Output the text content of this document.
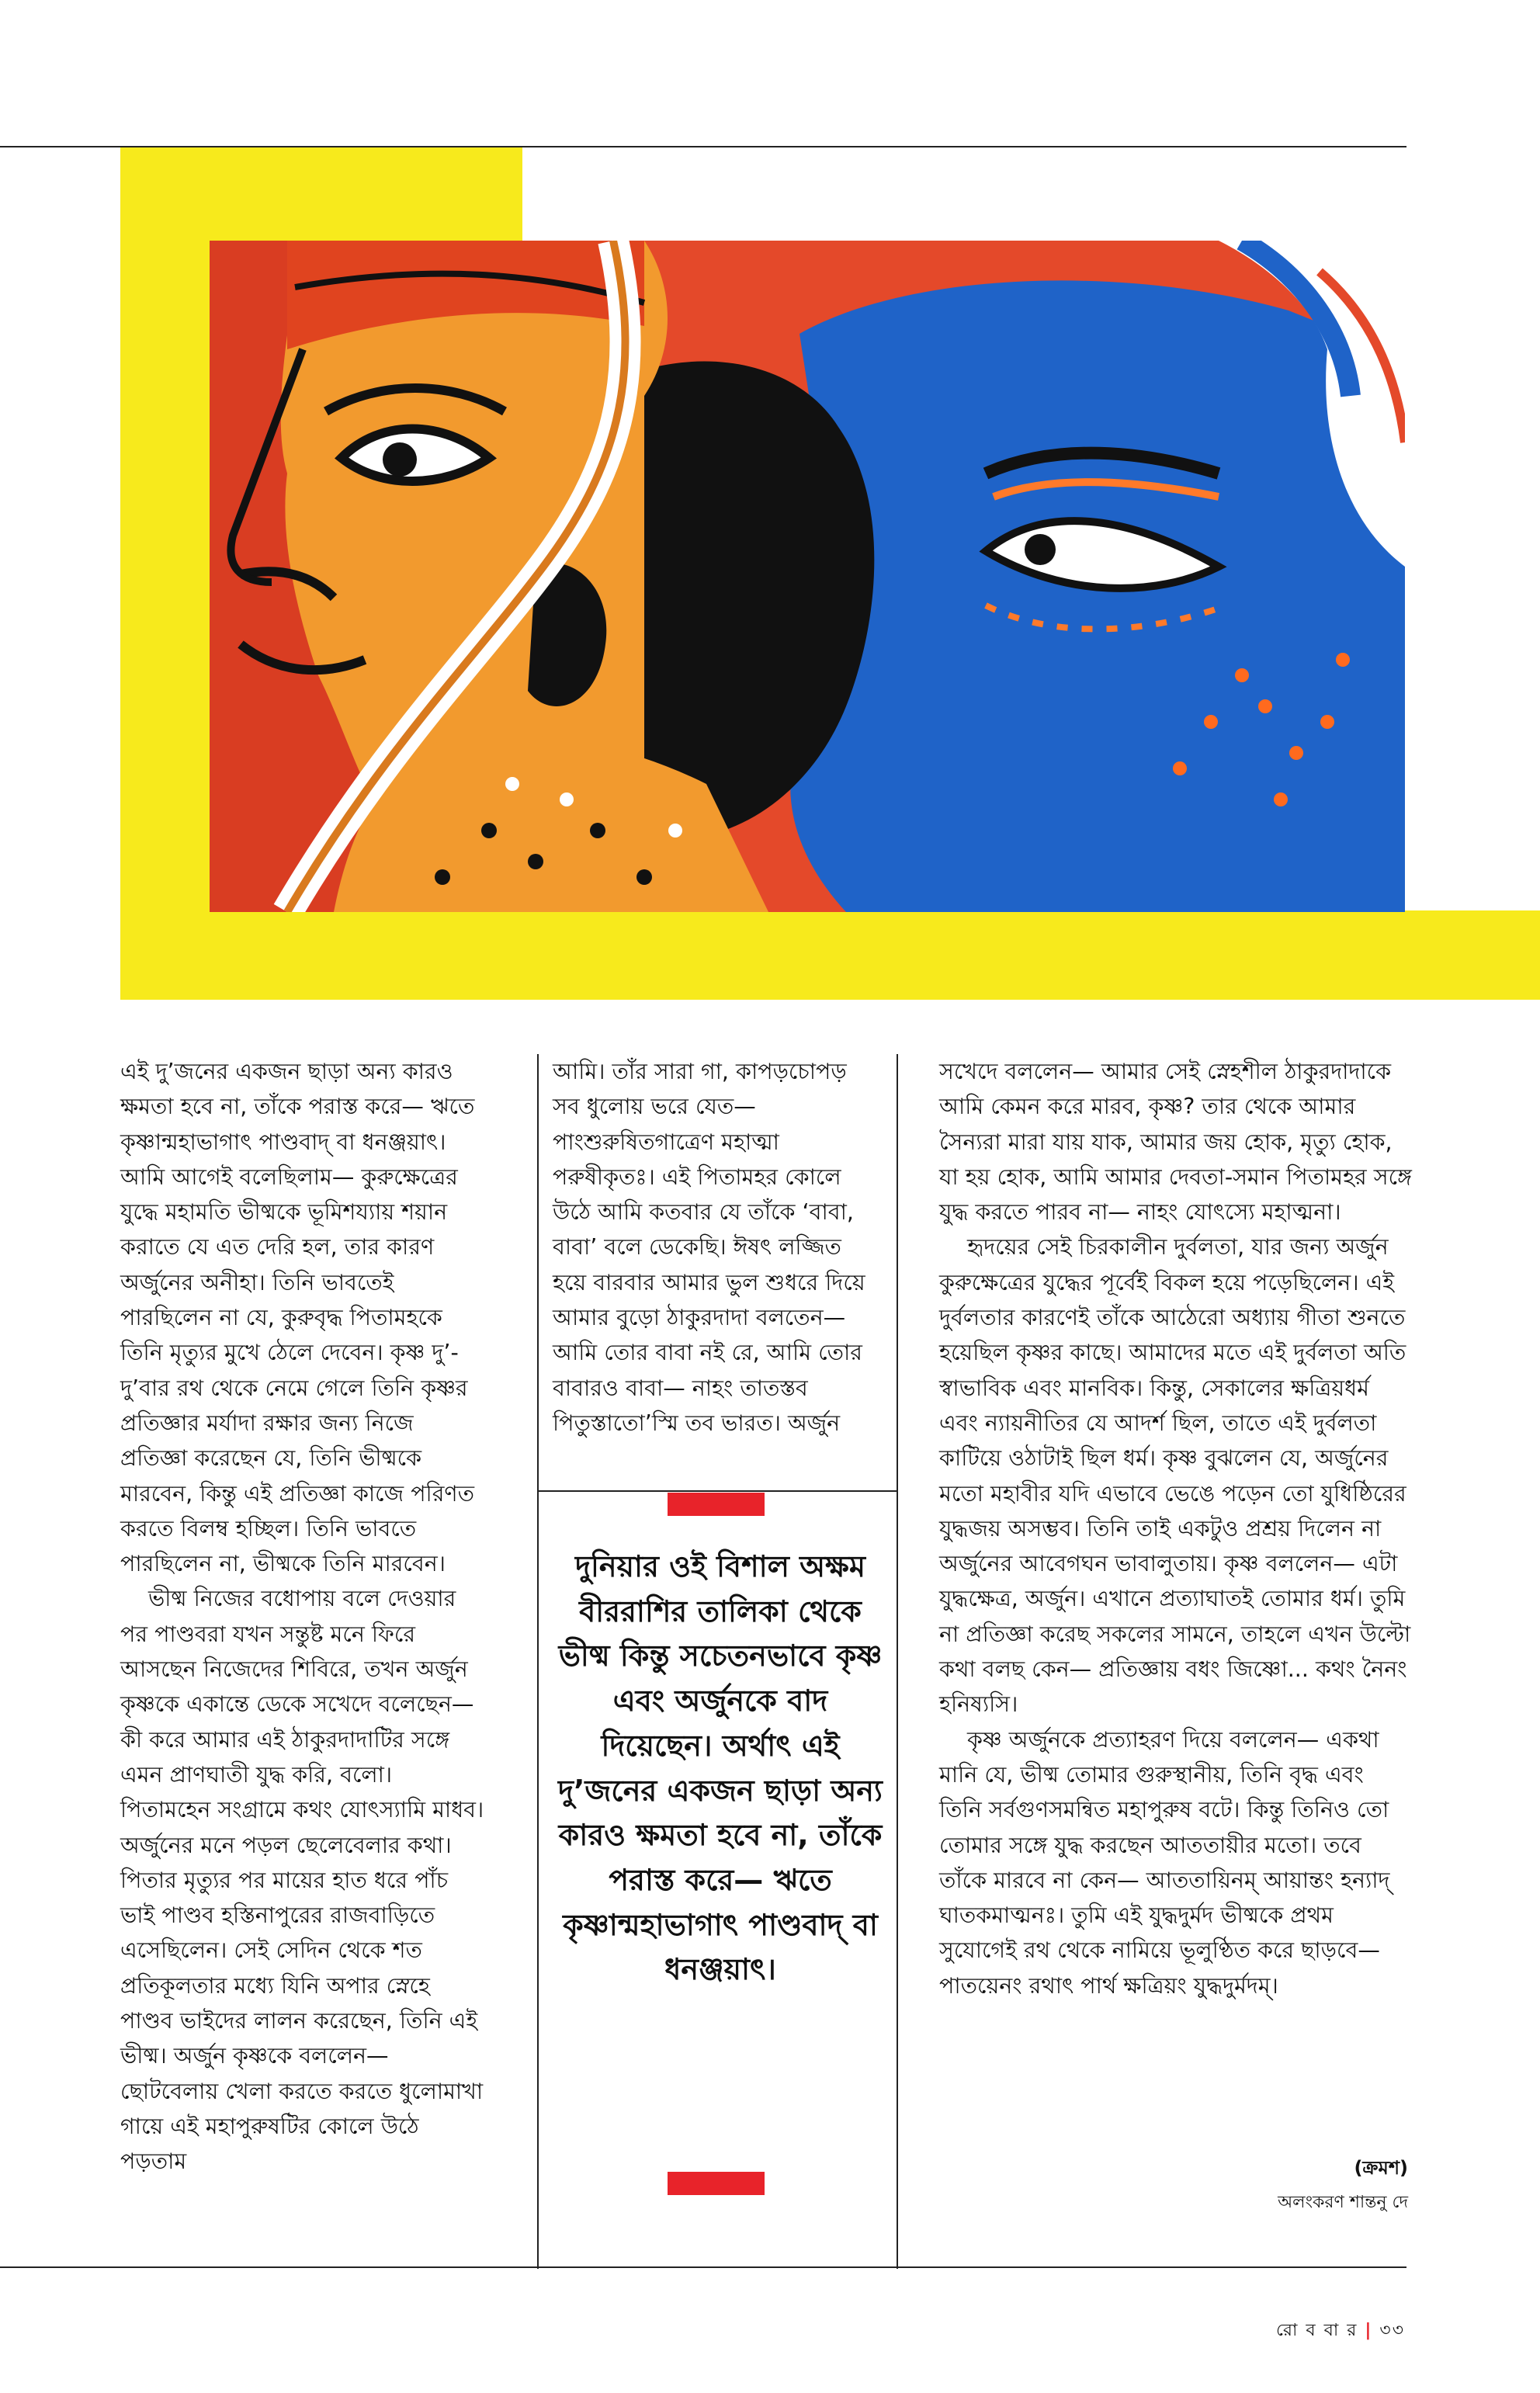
এই দু’জনের একজন ছাড়া অন্য কারও ক্ষমতা হবে না, তাঁকে পরাস্ত করে— ঋতে কৃষ্ণান্মহাভাগাৎ পাণ্ডবাদ্ বা ধনঞ্জয়াৎ। আমি আগেই বলেছিলাম— কুরুক্ষেত্রের যুদ্ধে মহামতি ভীষ্মকে ভূমিশয্যায় শয়ান করাতে যে এত দেরি হল, তার কারণ অর্জুনের অনীহা। তিনি ভাবতেই পারছিলেন না যে, কুরুবৃদ্ধ পিতামহকে তিনি মৃত্যুর মুখে ঠেলে দেবেন। কৃষ্ণ দু’-দু’বার রথ থেকে নেমে গেলে তিনি কৃষ্ণর প্রতিজ্ঞার মর্যাদা রক্ষার জন্য নিজে প্রতিজ্ঞা করেছেন যে, তিনি ভীষ্মকে মারবেন, কিন্তু এই প্রতিজ্ঞা কাজে পরিণত করতে বিলম্ব হচ্ছিল। তিনি ভাবতে পারছিলেন না, ভীষ্মকে তিনি মারবেন।

ভীষ্ম নিজের বধোপায় বলে দেওয়ার পর পাণ্ডবরা যখন সন্তুষ্ট মনে ফিরে আসছেন নিজেদের শিবিরে, তখন অর্জুন কৃষ্ণকে একান্তে ডেকে সখেদে বলেছেন— কী করে আমার এই ঠাকুরদাদাটির সঙ্গে এমন প্রাণঘাতী যুদ্ধ করি, বলো। পিতামহেন সংগ্রামে কথং যোৎস্যামি মাধব। অর্জুনের মনে পড়ল ছেলেবেলার কথা। পিতার মৃত্যুর পর মায়ের হাত ধরে পাঁচ ভাই পাণ্ডব হস্তিনাপুরের রাজবাড়িতে এসেছিলেন। সেই সেদিন থেকে শত প্রতিকূলতার মধ্যে যিনি অপার স্নেহে পাণ্ডব ভাইদের লালন করেছেন, তিনি এই ভীষ্ম। অর্জুন কৃষ্ণকে বললেন— ছোটবেলায় খেলা করতে করতে ধুলোমাখা গায়ে এই মহাপুরুষটির কোলে উঠে পড়তাম

আমি। তাঁর সারা গা, কাপড়চোপড় সব ধুলোয় ভরে যেত— পাংশুরুষিতগাত্রেণ মহাত্মা পরুষীকৃতঃ। এই পিতামহর কোলে উঠে আমি কতবার যে তাঁকে ‘বাবা, বাবা’ বলে ডেকেছি। ঈষৎ লজ্জিত হয়ে বারবার আমার ভুল শুধরে দিয়ে আমার বুড়ো ঠাকুরদাদা বলতেন— আমি তোর বাবা নই রে, আমি তোর বাবারও বাবা— নাহং তাতস্তব পিতুস্তাতো’স্মি তব ভারত। অর্জুন

দুনিয়ার ওই বিশাল অক্ষম বীররাশির তালিকা থেকে ভীষ্ম কিন্তু সচেতনভাবে কৃষ্ণ এবং অর্জুনকে বাদ দিয়েছেন। অর্থাৎ এই দু’জনের একজন ছাড়া অন্য কারও ক্ষমতা হবে না, তাঁকে পরাস্ত করে— ঋতে কৃষ্ণান্মহাভাগাৎ পাণ্ডবাদ্ বা ধনঞ্জয়াৎ।

সখেদে বললেন— আমার সেই স্নেহশীল ঠাকুরদাদাকে আমি কেমন করে মারব, কৃষ্ণ? তার থেকে আমার সৈন্যরা মারা যায় যাক, আমার জয় হোক, মৃত্যু হোক, যা হয় হোক, আমি আমার দেবতা-সমান পিতামহর সঙ্গে যুদ্ধ করতে পারব না— নাহং যোৎস্যে মহাত্মনা।

হৃদয়ের সেই চিরকালীন দুর্বলতা, যার জন্য অর্জুন কুরুক্ষেত্রের যুদ্ধের পূর্বেই বিকল হয়ে পড়েছিলেন। এই দুর্বলতার কারণেই তাঁকে আঠেরো অধ্যায় গীতা শুনতে হয়েছিল কৃষ্ণর কাছে। আমাদের মতে এই দুর্বলতা অতি স্বাভাবিক এবং মানবিক। কিন্তু, সেকালের ক্ষত্রিয়ধর্ম এবং ন্যায়নীতির যে আদর্শ ছিল, তাতে এই দুর্বলতা কাটিয়ে ওঠাটাই ছিল ধর্ম। কৃষ্ণ বুঝলেন যে, অর্জুনের মতো মহাবীর যদি এভাবে ভেঙে পড়েন তো যুধিষ্ঠিরের যুদ্ধজয় অসম্ভব। তিনি তাই একটুও প্রশ্রয় দিলেন না অর্জুনের আবেগঘন ভাবালুতায়। কৃষ্ণ বললেন— এটা যুদ্ধক্ষেত্র, অর্জুন। এখানে প্রত্যাঘাতই তোমার ধর্ম। তুমি না প্রতিজ্ঞা করেছ সকলের সামনে, তাহলে এখন উল্টো কথা বলছ কেন— প্রতিজ্ঞায় বধং জিষ্ণো... কথং নৈনং হনিষ্যসি।

কৃষ্ণ অর্জুনকে প্রত্যাহরণ দিয়ে বললেন— একথা মানি যে, ভীষ্ম তোমার গুরুস্থানীয়, তিনি বৃদ্ধ এবং তিনি সর্বগুণসমন্বিত মহাপুরুষ বটে। কিন্তু তিনিও তো তোমার সঙ্গে যুদ্ধ করছেন আততায়ীর মতো। তবে তাঁকে মারবে না কেন— আততায়িনম্ আয়ান্তং হন্যাদ্ ঘাতকমাত্মনঃ। তুমি এই যুদ্ধদুর্মদ ভীষ্মকে প্রথম সুযোগেই রথ থেকে নামিয়ে ভূলুণ্ঠিত করে ছাড়বে— পাতয়েনং রথাৎ পার্থ ক্ষত্রিয়ং যুদ্ধদুর্মদম্।

(ক্রমশ)
অলংকরণ শান্তনু দে
রো ব বা র | ৩৩
